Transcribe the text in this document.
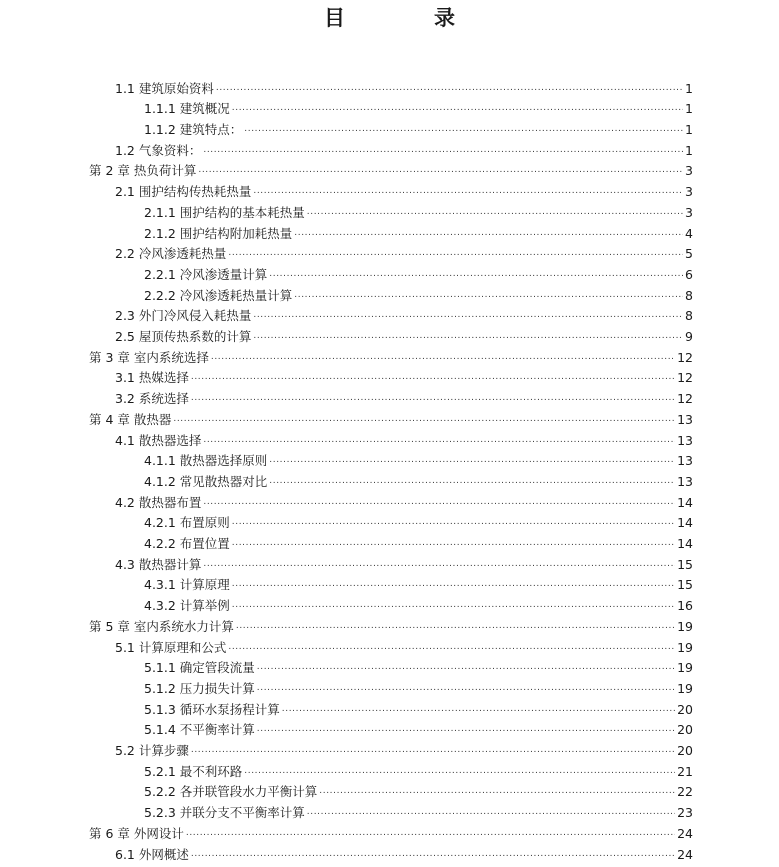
目　录
1.1 建筑原始资料 .....	1
1.1.1 建筑概况 .....	1
1.1.2 建筑特点： .....	1
1.2 气象资料： .....	1
第 2 章 热负荷计算 .....	3
2.1 围护结构传热耗热量 .....	3
2.1.1 围护结构的基本耗热量 .....	3
2.1.2 围护结构附加耗热量 .....	4
2.2 冷风渗透耗热量 .....	5
2.2.1 冷风渗透量计算 .....	6
2.2.2 冷风渗透耗热量计算 .....	8
2.3 外门冷风侵入耗热量 .....	8
2.5 屋顶传热系数的计算 .....	9
第 3 章 室内系统选择 .....	12
3.1 热媒选择 .....	12
3.2 系统选择 .....	12
第 4 章 散热器 .....	13
4.1 散热器选择 .....	13
4.1.1 散热器选择原则 .....	13
4.1.2 常见散热器对比 .....	13
4.2 散热器布置 .....	14
4.2.1 布置原则 .....	14
4.2.2 布置位置 .....	14
4.3 散热器计算 .....	15
4.3.1 计算原理 .....	15
4.3.2 计算举例 .....	16
第 5 章 室内系统水力计算 .....	19
5.1 计算原理和公式 .....	19
5.1.1 确定管段流量 .....	19
5.1.2 压力损失计算 .....	19
5.1.3 循环水泵扬程计算 .....	20
5.1.4 不平衡率计算 .....	20
5.2 计算步骤 .....	20
5.2.1 最不利环路 .....	21
5.2.2 各并联管段水力平衡计算 .....	22
5.2.3 并联分支不平衡率计算 .....	23
第 6 章 外网设计 .....	24
6.1 外网概述 .....	24
